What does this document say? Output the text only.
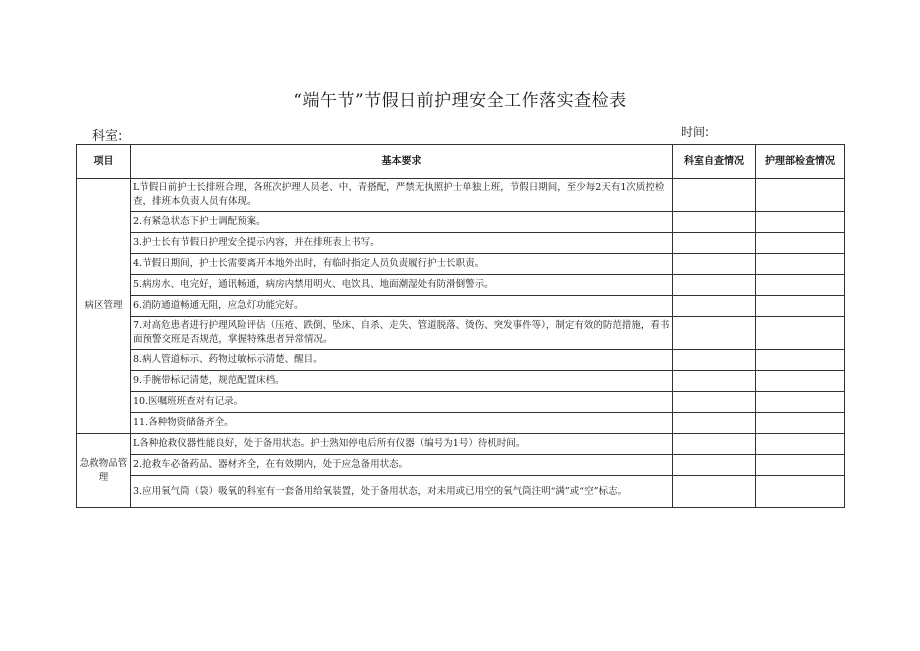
“端午节”节假日前护理安全工作落实查检表
科室:	时间:
项目	基本要求	科室自查情况	护理部检查情况
病区管理	L节假日前护士长排班合理，各班次护理人员老、中、青搭配，严禁无执照护士单独上班，节假日期间，至少每2天有1次质控检查，排班本负责人员有体现。		
	2.有紧急状态下护士调配预案。		
	3.护士长有节假日护理安全提示内容，并在排班表上书写。		
	4.节假日期间，护士长需要离开本地外出时，有临时指定人员负责履行护士长职责。		
	5.病房水、电完好，通讯畅通，病房内禁用明火、电饮具、地面潮湿处有防滑倒警示。		
	6.消防通道畅通无阻，应急灯功能完好。		
	7.对高危患者进行护理风险评估（压疮、跌倒、坠床、自杀、走失、管道脱落、烫伤、突发事件等），制定有效的防范措施，看书面预警交班是否规范，掌握特殊患者异常情况。		
	8.病人管道标示、药物过敏标示清楚、醒目。		
	9.手腕带标记清楚，规范配置床档。		
	10.医嘱班班查对有记录。		
	11.各种物资储备齐全。		
急救物品管理	L各种抢救仪器性能良好，处于备用状态。护士熟知停电后所有仪器（编号为1号）待机时间。		
	2.抢救车必备药品、器材齐全，在有效期内，处于应急备用状态。		
	3.应用氧气筒（袋）吸氧的科室有一套备用给氧装置，处于备用状态，对未用或已用空的氧气筒注明“满”或“空”标志。		
